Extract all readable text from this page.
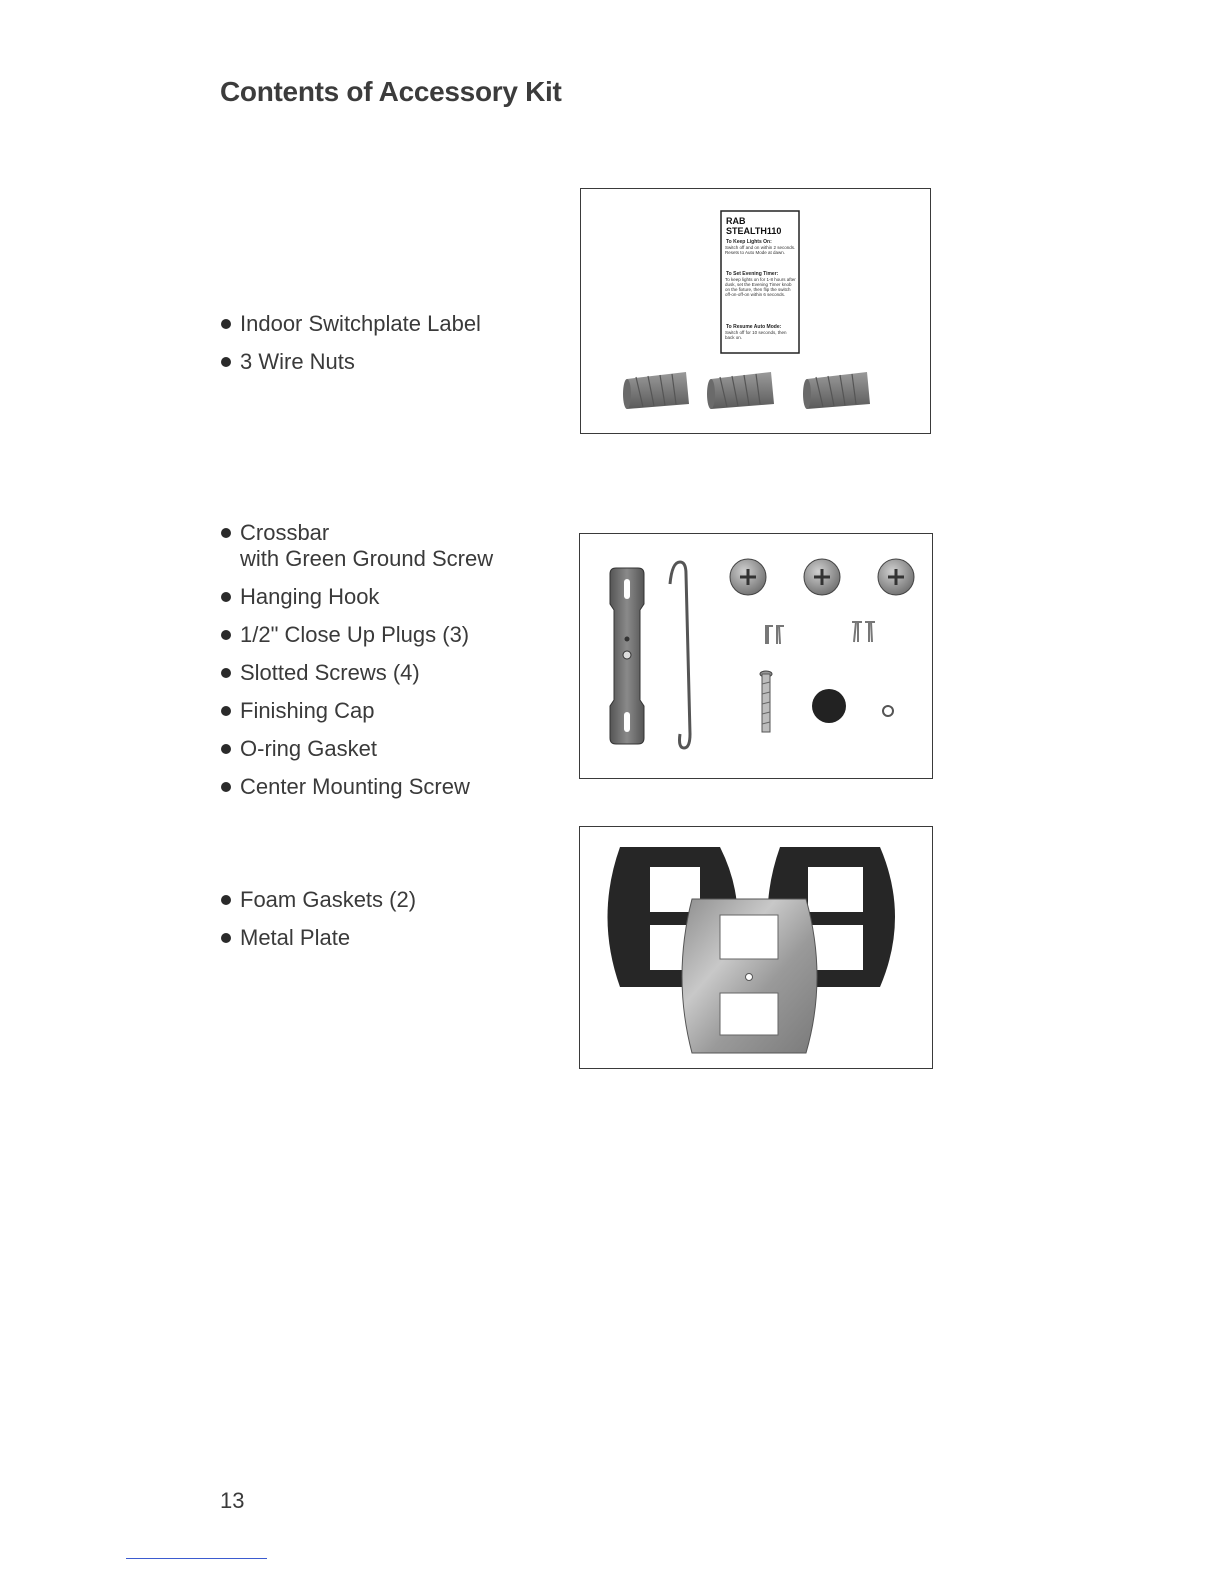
Contents of Accessory Kit
Indoor Switchplate Label
3 Wire Nuts
Crossbar
with Green Ground Screw
Hanging Hook
1/2" Close Up Plugs (3)
Slotted Screws (4)
Finishing Cap
O-ring Gasket
Center Mounting Screw
Foam Gaskets (2)
Metal Plate
RAB
STEALTH110
To Keep Lights On:
Switch off and on within 2 seconds. Resets to Auto Mode at dawn.
To Set Evening Timer:
To keep lights on for 1-8 hours after dusk, set the Evening Timer knob on the fixture, then flip the switch off-on-off-on within 6 seconds.
To Resume Auto Mode:
Switch off for 10 seconds, then back on.
13
